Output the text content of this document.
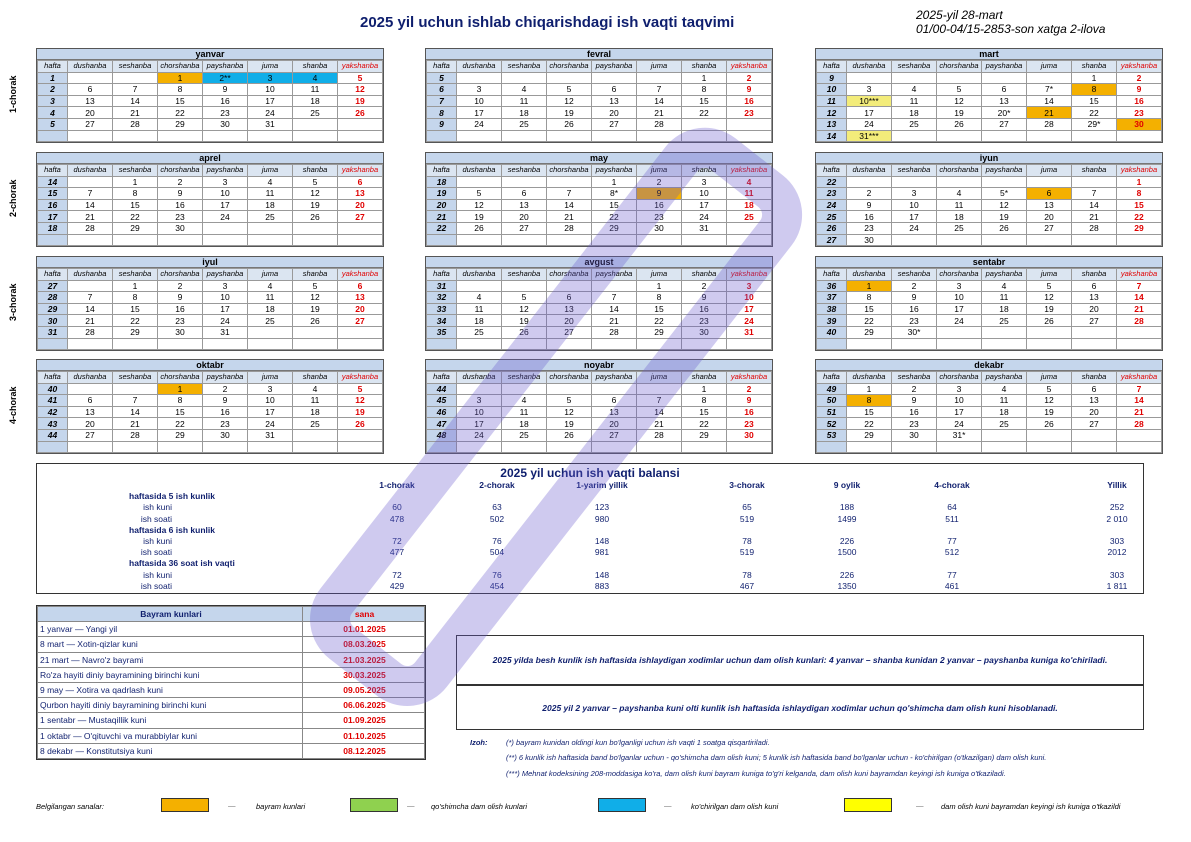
2025 yil uchun ishlab chiqarishdagi ish vaqti taqvimi	2025-yil 28-mart
01/00-04/15-2853-son xatga 2-ilova
1-chorak
2-chorak
3-chorak
4-chorak
yanvar
hafta	dushanba	seshanba	chorshanba	payshanba	juma	shanba	yakshanba
1			1	2**	3	4	5
2	6	7	8	9	10	11	12
3	13	14	15	16	17	18	19
4	20	21	22	23	24	25	26
5	27	28	29	30	31		

fevral
hafta	dushanba	seshanba	chorshanba	payshanba	juma	shanba	yakshanba
5						1	2
6	3	4	5	6	7	8	9
7	10	11	12	13	14	15	16
8	17	18	19	20	21	22	23
9	24	25	26	27	28		

mart
hafta	dushanba	seshanba	chorshanba	payshanba	juma	shanba	yakshanba
9						1	2
10	3	4	5	6	7*	8	9
11	10***	11	12	13	14	15	16
12	17	18	19	20*	21	22	23
13	24	25	26	27	28	29*	30
14	31***						
aprel
hafta	dushanba	seshanba	chorshanba	payshanba	juma	shanba	yakshanba
14		1	2	3	4	5	6
15	7	8	9	10	11	12	13
16	14	15	16	17	18	19	20
17	21	22	23	24	25	26	27
18	28	29	30				

may
hafta	dushanba	seshanba	chorshanba	payshanba	juma	shanba	yakshanba
18				1	2	3	4
19	5	6	7	8*	9	10	11
20	12	13	14	15	16	17	18
21	19	20	21	22	23	24	25
22	26	27	28	29	30	31	

iyun
hafta	dushanba	seshanba	chorshanba	payshanba	juma	shanba	yakshanba
22							1
23	2	3	4	5*	6	7	8
24	9	10	11	12	13	14	15
25	16	17	18	19	20	21	22
26	23	24	25	26	27	28	29
27	30						
iyul
hafta	dushanba	seshanba	chorshanba	payshanba	juma	shanba	yakshanba
27		1	2	3	4	5	6
28	7	8	9	10	11	12	13
29	14	15	16	17	18	19	20
30	21	22	23	24	25	26	27
31	28	29	30	31			

avgust
hafta	dushanba	seshanba	chorshanba	payshanba	juma	shanba	yakshanba
31					1	2	3
32	4	5	6	7	8	9	10
33	11	12	13	14	15	16	17
34	18	19	20	21	22	23	24
35	25	26	27	28	29	30	31

sentabr
hafta	dushanba	seshanba	chorshanba	payshanba	juma	shanba	yakshanba
36	1	2	3	4	5	6	7
37	8	9	10	11	12	13	14
38	15	16	17	18	19	20	21
39	22	23	24	25	26	27	28
40	29	30*					

oktabr
hafta	dushanba	seshanba	chorshanba	payshanba	juma	shanba	yakshanba
40			1	2	3	4	5
41	6	7	8	9	10	11	12
42	13	14	15	16	17	18	19
43	20	21	22	23	24	25	26
44	27	28	29	30	31		

noyabr
hafta	dushanba	seshanba	chorshanba	payshanba	juma	shanba	yakshanba
44						1	2
45	3	4	5	6	7	8	9
46	10	11	12	13	14	15	16
47	17	18	19	20	21	22	23
48	24	25	26	27	28	29	30

dekabr
hafta	dushanba	seshanba	chorshanba	payshanba	juma	shanba	yakshanba
49	1	2	3	4	5	6	7
50	8	9	10	11	12	13	14
51	15	16	17	18	19	20	21
52	22	23	24	25	26	27	28
53	29	30	31*				

2025 yil uchun ish vaqti balansi
1-chorak	2-chorak	1-yarim yillik	3-chorak	9 oylik	4-chorak	Yillik
haftasida 5 ish kunlik
ish kuni	60	63	123	65	188	64	252
ish soati	478	502	980	519	1499	511	2 010
haftasida 6 ish kunlik
ish kuni	72	76	148	78	226	77	303
ish soati	477	504	981	519	1500	512	2012
haftasida 36 soat ish vaqti
ish kuni	72	76	148	78	226	77	303
ish soati	429	454	883	467	1350	461	1 811
Bayram kunlari	sana
1 yanvar — Yangi yil	01.01.2025
8 mart — Xotin-qizlar kuni	08.03.2025
21 mart — Navro'z bayrami	21.03.2025
Ro'za hayiti diniy bayramining birinchi kuni	30.03.2025
9 may — Xotira va qadrlash kuni	09.05.2025
Qurbon hayiti diniy bayramining birinchi kuni	06.06.2025
1 sentabr — Mustaqillik kuni	01.09.2025
1 oktabr — O'qituvchi va murabbiylar kuni	01.10.2025
8 dekabr — Konstitutsiya kuni	08.12.2025
2025 yilda besh kunlik ish haftasida ishlaydigan xodimlar uchun dam olish kunlari: 4 yanvar – shanba kunidan 2 yanvar – payshanba kuniga ko'chiriladi.
2025 yil 2 yanvar – payshanba kuni olti kunlik ish haftasida ishlaydigan xodimlar uchun qo'shimcha dam olish kuni hisoblanadi.
Izoh: (*) bayram kunidan oldingi kun bo'lganligi uchun ish vaqti 1 soatga qisqartiriladi.
(**) 6 kunlik ish haftasida band bo'lganlar uchun - qo'shimcha dam olish kuni; 5 kunlik ish haftasida band bo'lganlar uchun - ko'chirilgan (o'tkazilgan) dam olish kuni.
(***) Mehnat kodeksining 208-moddasiga ko'ra, dam olish kuni bayram kuniga to'g'ri kelganda, dam olish kuni bayramdan keyingi ish kuniga o'tkaziladi.
Belgilangan sanalar:	—	bayram kunlari	— qo'shimcha dam olish kunlari	—	ko'chirilgan dam olish kuni	— dam olish kuni bayramdan keyingi ish kuniga o'tkazildi
